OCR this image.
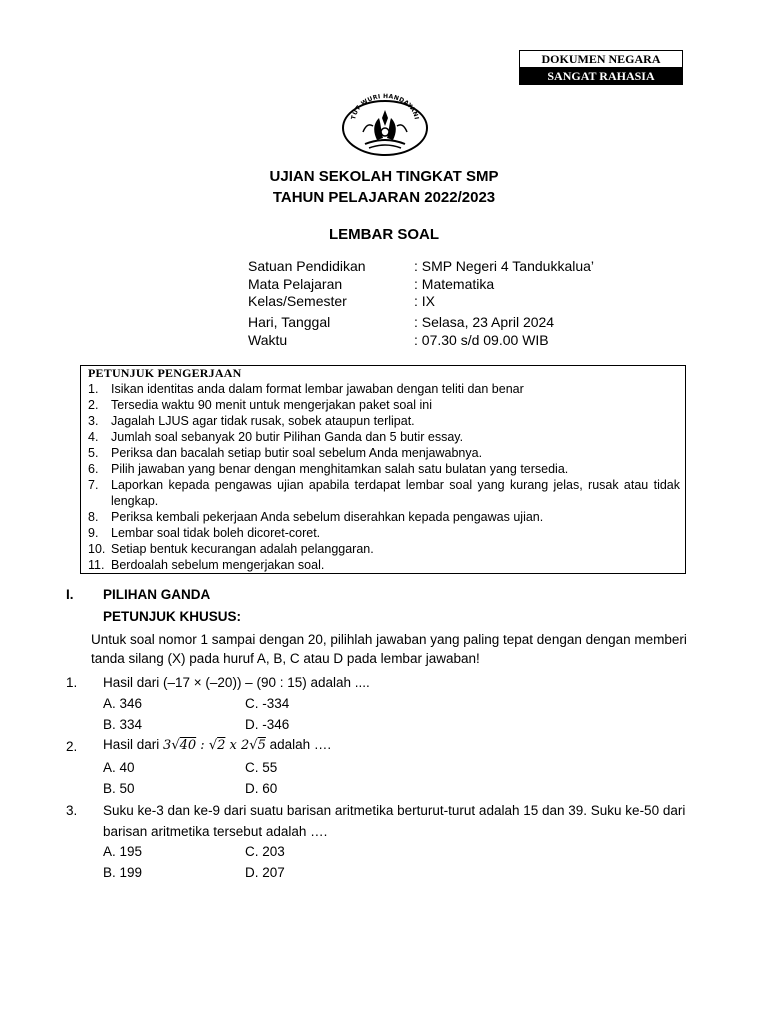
DOKUMEN NEGARA
SANGAT RAHASIA
TUT WURI HANDAYANI
UJIAN SEKOLAH TINGKAT SMP
TAHUN PELAJARAN 2022/2023
LEMBAR SOAL
Satuan Pendidikan	: SMP Negeri 4 Tandukkalua’
Mata Pelajaran	: Matematika
Kelas/Semester	: IX
Hari, Tanggal	: Selasa, 23 April 2024
Waktu	: 07.30 s/d 09.00 WIB
PETUNJUK PENGERJAAN
1.	Isikan identitas anda dalam format lembar jawaban dengan teliti dan benar
2.	Tersedia waktu 90 menit untuk mengerjakan paket soal ini
3.	Jagalah LJUS agar tidak rusak, sobek ataupun terlipat.
4.	Jumlah soal sebanyak 20 butir Pilihan Ganda dan 5 butir essay.
5.	Periksa dan bacalah setiap butir soal sebelum Anda menjawabnya.
6.	Pilih jawaban yang benar dengan menghitamkan salah satu bulatan yang tersedia.
7.	Laporkan kepada pengawas ujian apabila terdapat lembar soal yang kurang jelas, rusak atau tidak lengkap.
8.	Periksa kembali pekerjaan Anda sebelum diserahkan kepada pengawas ujian.
9.	Lembar soal tidak boleh dicoret-coret.
10. Setiap bentuk kecurangan adalah pelanggaran.
11. Berdoalah sebelum mengerjakan soal.
I. PILIHAN GANDA
PETUNJUK KHUSUS:
Untuk soal nomor 1 sampai dengan 20, pilihlah jawaban yang paling tepat dengan dengan memberi tanda silang (X) pada huruf A, B, C atau D pada lembar jawaban!
1. Hasil dari (–17 × (–20)) – (90 : 15) adalah ....
A. 346	C. -334
B. 334	D. -346
2. Hasil dari 3√40 : √2 x 2√5 adalah ….
A. 40	C. 55
B. 50	D. 60
3. Suku ke-3 dan ke-9 dari suatu barisan aritmetika berturut-turut adalah 15 dan 39. Suku ke-50 dari
barisan aritmetika tersebut adalah ….
A. 195	C. 203
B. 199	D. 207
